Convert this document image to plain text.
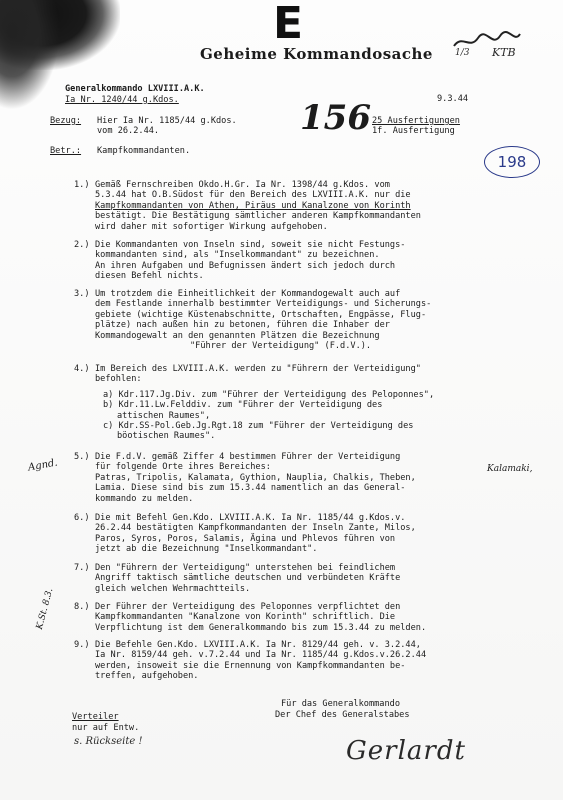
E
Geheime Kommandosache 1/3 KTB
Generalkommando LXVIII.A.K.
Ia Nr. 1240/44 g.Kdos.	9.3.44
Bezug: Hier Ia Nr. 1185/44 g.Kdos.
vom 26.2.44.	156 25 Ausfertigungen
1f. Ausfertigung
Betr.: Kampfkommandanten.
198
1.) Gemäß Fernschreiben Okdo.H.Gr. Ia Nr. 1398/44 g.Kdos. vom
5.3.44 hat O.B.Südost für den Bereich des LXVIII.A.K. nur die
Kampfkommandanten von Athen, Piräus und Kanalzone von Korinth
bestätigt. Die Bestätigung sämtlicher anderen Kampfkommandanten
wird daher mit sofortiger Wirkung aufgehoben.
2.) Die Kommandanten von Inseln sind, soweit sie nicht Festungs-
kommandanten sind, als "Inselkommandant" zu bezeichnen.
An ihren Aufgaben und Befugnissen ändert sich jedoch durch
diesen Befehl nichts.
3.) Um trotzdem die Einheitlichkeit der Kommandogewalt auch auf
dem Festlande innerhalb bestimmter Verteidigungs- und Sicherungs-
gebiete (wichtige Küstenabschnitte, Ortschaften, Engpässe, Flug-
plätze) nach außen hin zu betonen, führen die Inhaber der
Kommandogewalt an den genannten Plätzen die Bezeichnung
"Führer der Verteidigung" (F.d.V.).
4.) Im Bereich des LXVIII.A.K. werden zu "Führern der Verteidigung"
befohlen:
a) Kdr.117.Jg.Div. zum "Führer der Verteidigung des Peloponnes",
b) Kdr.11.Lw.Felddiv. zum "Führer der Verteidigung des
attischen Raumes",
c) Kdr.SS-Pol.Geb.Jg.Rgt.18 zum "Führer der Verteidigung des
böotischen Raumes".
Agnd.
5.) Die F.d.V. gemäß Ziffer 4 bestimmen Führer der Verteidigung
für folgende Orte ihres Bereiches:
Patras, Tripolis, Kalamata, Gythion, Nauplia, Chalkis, Theben,
Lamia. Diese sind bis zum 15.3.44 namentlich an das General-
kommando zu melden.
Kalamaki,
6.) Die mit Befehl Gen.Kdo. LXVIII.A.K. Ia Nr. 1185/44 g.Kdos.v.
26.2.44 bestätigten Kampfkommandanten der Inseln Zante, Milos,
Paros, Syros, Poros, Salamis, Ägina und Phlevos führen von
jetzt ab die Bezeichnung "Inselkommandant".
7.) Den "Führern der Verteidigung" unterstehen bei feindlichem
Angriff taktisch sämtliche deutschen und verbündeten Kräfte
gleich welchen Wehrmachtteils.
K.St. 8.3. 8.) Der Führer der Verteidigung des Peloponnes verpflichtet den
Kampfkommandanten "Kanalzone von Korinth" schriftlich. Die
Verpflichtung ist dem Generalkommando bis zum 15.3.44 zu melden.
9.) Die Befehle Gen.Kdo. LXVIII.A.K. Ia Nr. 8129/44 geh. v. 3.2.44,
Ia Nr. 8159/44 geh. v.7.2.44 und Ia Nr. 1185/44 g.Kdos.v.26.2.44
werden, insoweit sie die Ernennung von Kampfkommandanten be-
treffen, aufgehoben.
Verteiler
nur auf Entw.
s. Rückseite !
Für das Generalkommando
Der Chef des Generalstabes
Gerlardt
